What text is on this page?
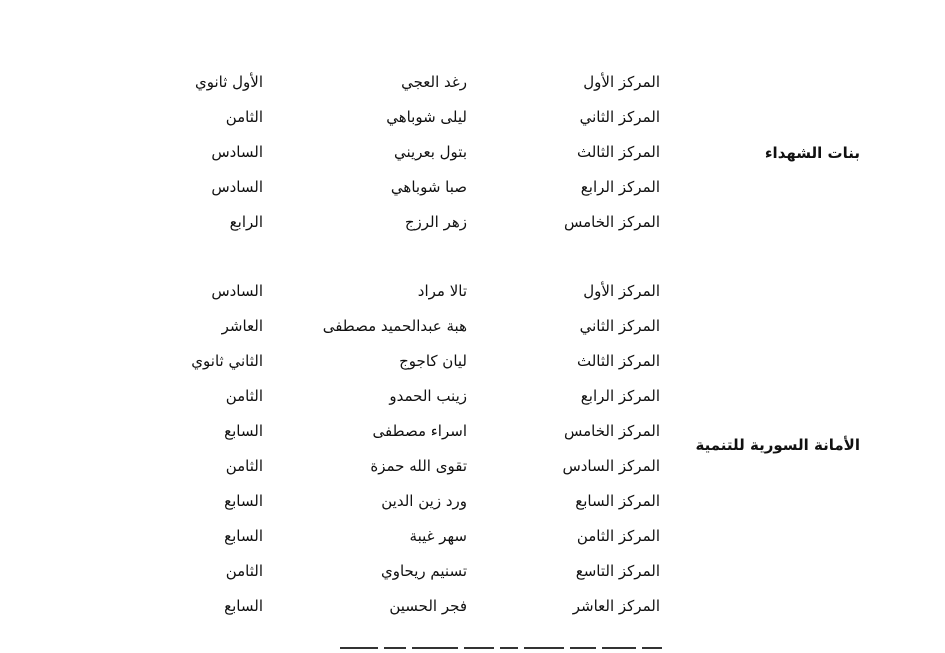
بنات الشهداء
المركز الأول
رغد العجي
الأول ثانوي
المركز الثاني
ليلى شوباهي
الثامن
المركز الثالث
بتول بعريني
السادس
المركز الرابع
صبا شوباهي
السادس
المركز الخامس
زهر الرزج
الرابع
الأمانة السورية للتنمية
المركز الأول
تالا مراد
السادس
المركز الثاني
هبة عبدالحميد مصطفى
العاشر
المركز الثالث
ليان كاجوج
الثاني ثانوي
المركز الرابع
زينب الحمدو
الثامن
المركز الخامس
اسراء مصطفى
السابع
المركز السادس
تقوى الله حمزة
الثامن
المركز السابع
ورد زين الدين
السابع
المركز الثامن
سهر غيبة
السابع
المركز التاسع
تسنيم ريحاوي
الثامن
المركز العاشر
فجر الحسين
السابع
